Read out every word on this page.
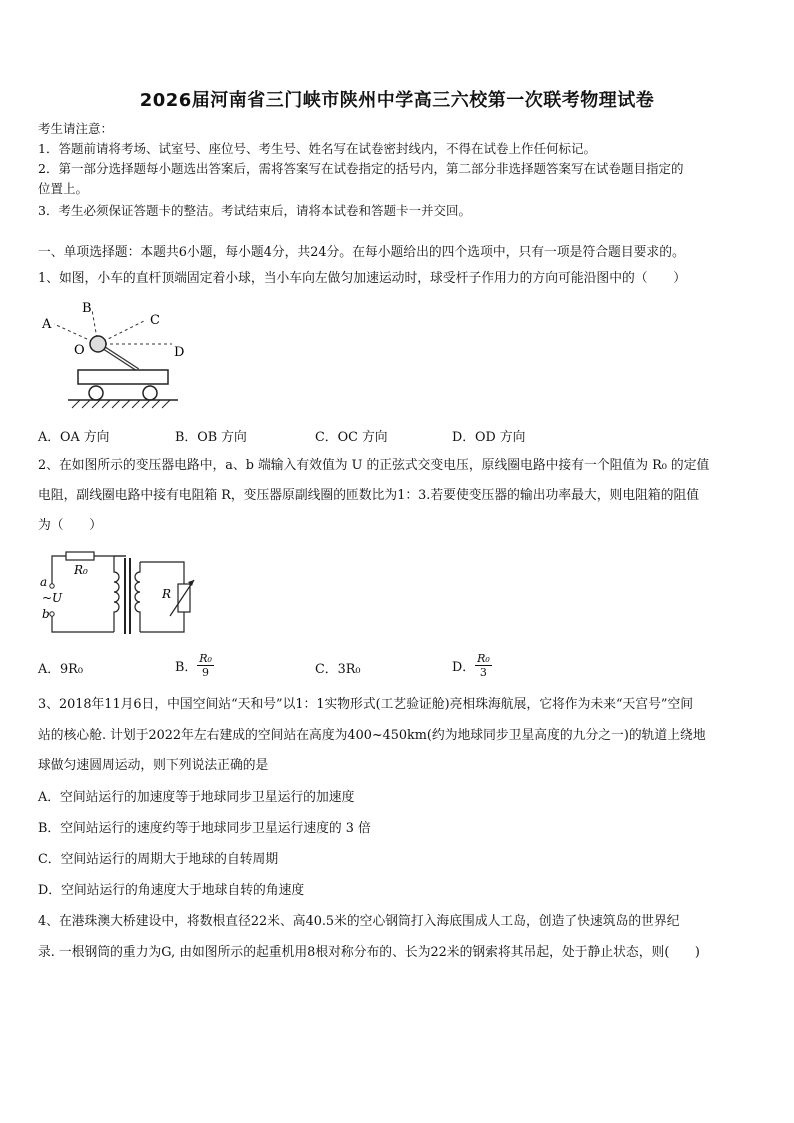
2026届河南省三门峡市陕州中学高三六校第一次联考物理试卷
考生请注意：
1．答题前请将考场、试室号、座位号、考生号、姓名写在试卷密封线内，不得在试卷上作任何标记。
2．第一部分选择题每小题选出答案后，需将答案写在试卷指定的括号内，第二部分非选择题答案写在试卷题目指定的
位置上。
3．考生必须保证答题卡的整洁。考试结束后，请将本试卷和答题卡一并交回。
一、单项选择题：本题共6小题，每小题4分，共24分。在每小题给出的四个选项中，只有一项是符合题目要求的。
1、如图，小车的直杆顶端固定着小球，当小车向左做匀加速运动时，球受杆子作用力的方向可能沿图中的（　　）
A
B
C
O	D
A．OA 方向	B．OB 方向	C．OC 方向	D．OD 方向
2、在如图所示的变压器电路中，a、b 端输入有效值为 U 的正弦式交变电压，原线圈电路中接有一个阻值为 R₀ 的定值
电阻，副线圈电路中接有电阻箱 R，变压器原副线圈的匝数比为1：3.若要使变压器的输出功率最大，则电阻箱的阻值
为（　　）
R₀
a
~U
b
R
A．9R₀	B． $\frac{\text{R₀}}{9}$	C．3R₀	D． $\frac{\text{R₀}}{3}$
3、2018年11月6日，中国空间站“天和号”以1：1实物形式(工艺验证舱)亮相珠海航展，它将作为未来“天宫号”空间
站的核心舱. 计划于2022年左右建成的空间站在高度为400~450km(约为地球同步卫星高度的九分之一)的轨道上绕地
球做匀速圆周运动，则下列说法正确的是
A．空间站运行的加速度等于地球同步卫星运行的加速度
B．空间站运行的速度约等于地球同步卫星运行速度的 3 倍
C．空间站运行的周期大于地球的自转周期
D．空间站运行的角速度大于地球自转的角速度
4、在港珠澳大桥建设中，将数根直径22米、高40.5米的空心钢筒打入海底围成人工岛，创造了快速筑岛的世界纪
录. 一根钢筒的重力为G, 由如图所示的起重机用8根对称分布的、长为22米的钢索将其吊起，处于静止状态，则(　　)
